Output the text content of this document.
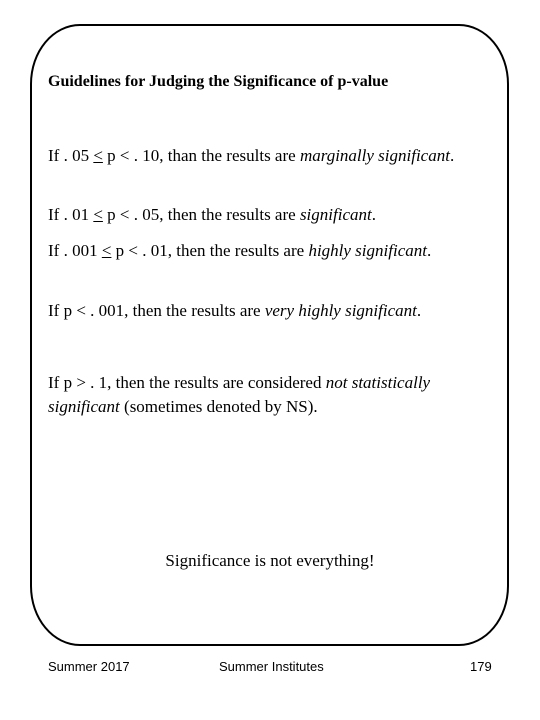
Guidelines for Judging the Significance of p-value
If . 05 < p < . 10, than the results are marginally significant.
If . 01 < p < . 05, then the results are significant.
If . 001 < p < . 01, then the results are highly significant.
If p < . 001, then the results are very highly significant.
If p > . 1, then the results are considered not statistically significant (sometimes denoted by NS).
Significance is not everything!
Summer 2017	Summer Institutes	179
